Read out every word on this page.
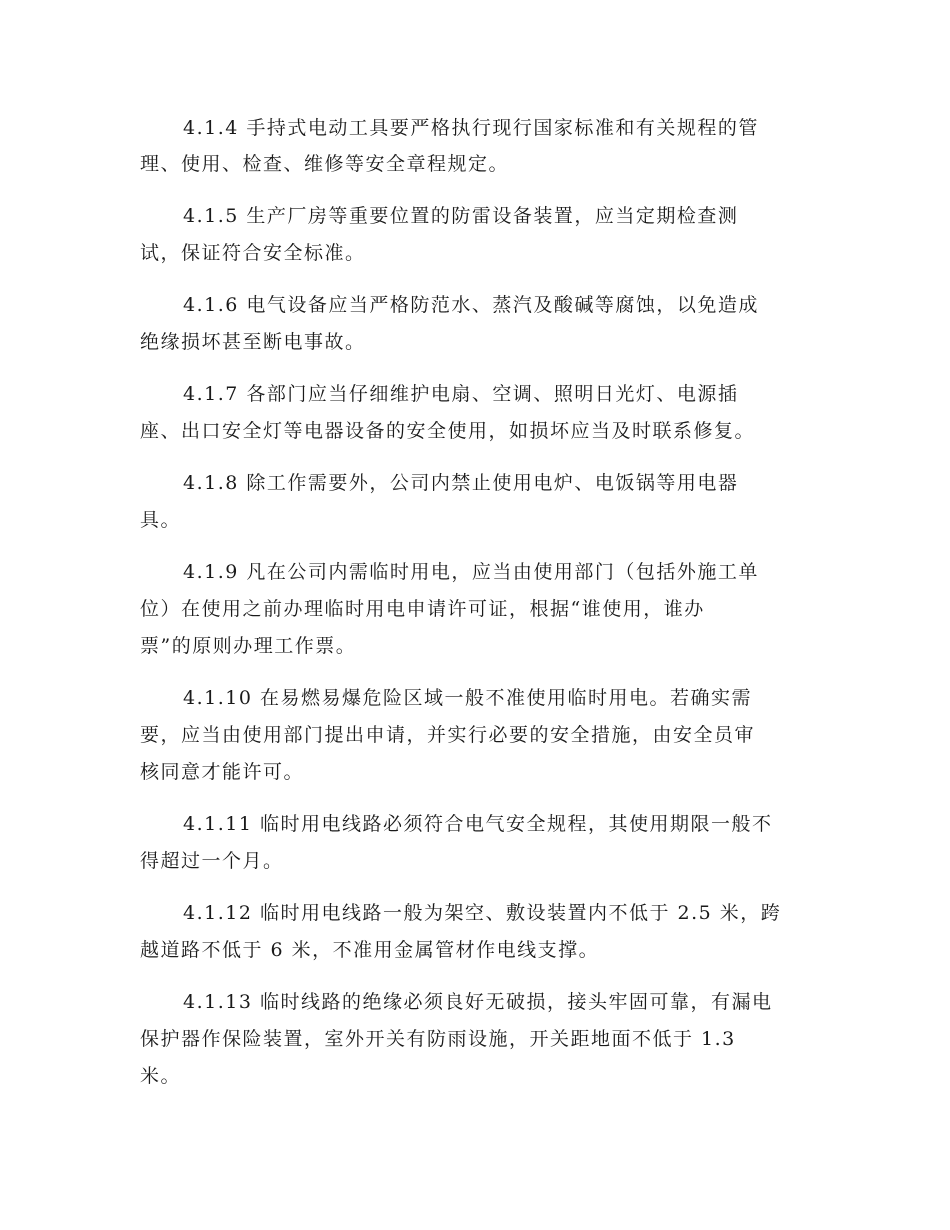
4.1.4 手持式电动工具要严格执行现行国家标准和有关规程的管
理、使用、检查、维修等安全章程规定。
4.1.5 生产厂房等重要位置的防雷设备装置，应当定期检查测
试，保证符合安全标准。
4.1.6 电气设备应当严格防范水、蒸汽及酸碱等腐蚀，以免造成
绝缘损坏甚至断电事故。
4.1.7 各部门应当仔细维护电扇、空调、照明日光灯、电源插
座、出口安全灯等电器设备的安全使用，如损坏应当及时联系修复。
4.1.8 除工作需要外，公司内禁止使用电炉、电饭锅等用电器
具。
4.1.9 凡在公司内需临时用电，应当由使用部门（包括外施工单
位）在使用之前办理临时用电申请许可证，根据“谁使用，谁办
票”的原则办理工作票。
4.1.10 在易燃易爆危险区域一般不准使用临时用电。若确实需
要，应当由使用部门提出申请，并实行必要的安全措施，由安全员审
核同意才能许可。
4.1.11 临时用电线路必须符合电气安全规程，其使用期限一般不
得超过一个月。
4.1.12 临时用电线路一般为架空、敷设装置内不低于 2.5 米，跨
越道路不低于 6 米，不准用金属管材作电线支撑。
4.1.13 临时线路的绝缘必须良好无破损，接头牢固可靠，有漏电
保护器作保险装置，室外开关有防雨设施，开关距地面不低于 1.3
米。
